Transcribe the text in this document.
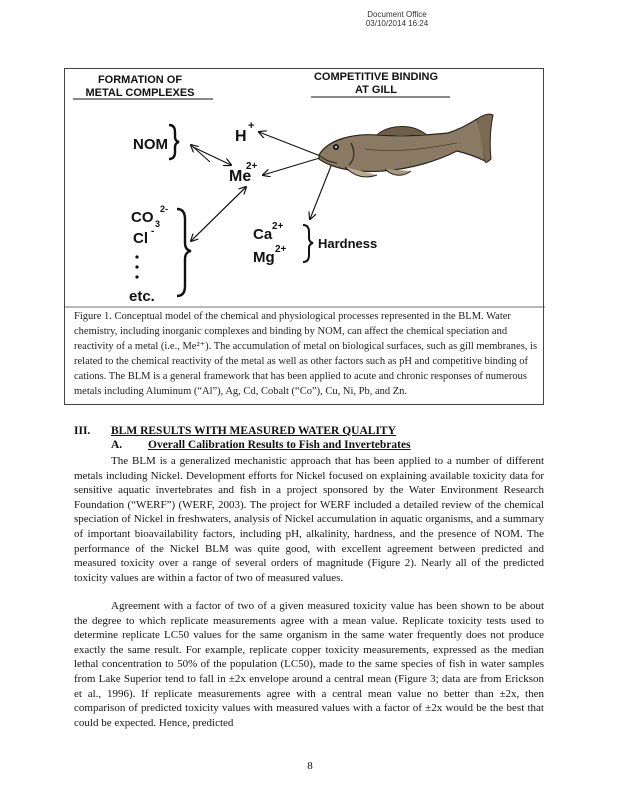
Document Office
03/10/2014 16:24
FORMATION OF
METAL COMPLEXES
COMPETITIVE BINDING
AT GILL
NOM	H
+
Me
2+
CO 3
2-
Cl -
etc.
Ca 2+
Mg 2+ Hardness
Figure 1. Conceptual model of the chemical and physiological processes represented in the BLM. Water chemistry, including inorganic complexes and binding by NOM, can affect the chemical speciation and reactivity of a metal (i.e., Me²⁺). The accumulation of metal on biological surfaces, such as gill membranes, is related to the chemical reactivity of the metal as well as other factors such as pH and competitive binding of cations. The BLM is a general framework that has been applied to acute and chronic responses of numerous metals including Aluminum (“Al”), Ag, Cd, Cobalt (“Co”), Cu, Ni, Pb, and Zn.
III. BLM RESULTS WITH MEASURED WATER QUALITY
A. Overall Calibration Results to Fish and Invertebrates

The BLM is a generalized mechanistic approach that has been applied to a number of different metals including Nickel. Development efforts for Nickel focused on explaining available toxicity data for sensitive aquatic invertebrates and fish in a project sponsored by the Water Environment Research Foundation (“WERF”) (WERF, 2003). The project for WERF included a detailed review of the chemical speciation of Nickel in freshwaters, analysis of Nickel accumulation in aquatic organisms, and a summary of important bioavailability factors, including pH, alkalinity, hardness, and the presence of NOM. The performance of the Nickel BLM was quite good, with excellent agreement between predicted and measured toxicity over a range of several orders of magnitude (Figure 2). Nearly all of the predicted toxicity values are within a factor of two of measured values.

Agreement with a factor of two of a given measured toxicity value has been shown to be about the degree to which replicate measurements agree with a mean value. Replicate toxicity tests used to determine replicate LC50 values for the same organism in the same water frequently does not produce exactly the same result. For example, replicate copper toxicity measurements, expressed as the median lethal concentration to 50% of the population (LC50), made to the same species of fish in water samples from Lake Superior tend to fall in ±2x envelope around a central mean (Figure 3; data are from Erickson et al., 1996). If replicate measurements agree with a central mean value no better than ±2x, then comparison of predicted toxicity values with measured values with a factor of ±2x would be the best that could be expected. Hence, predicted

8
